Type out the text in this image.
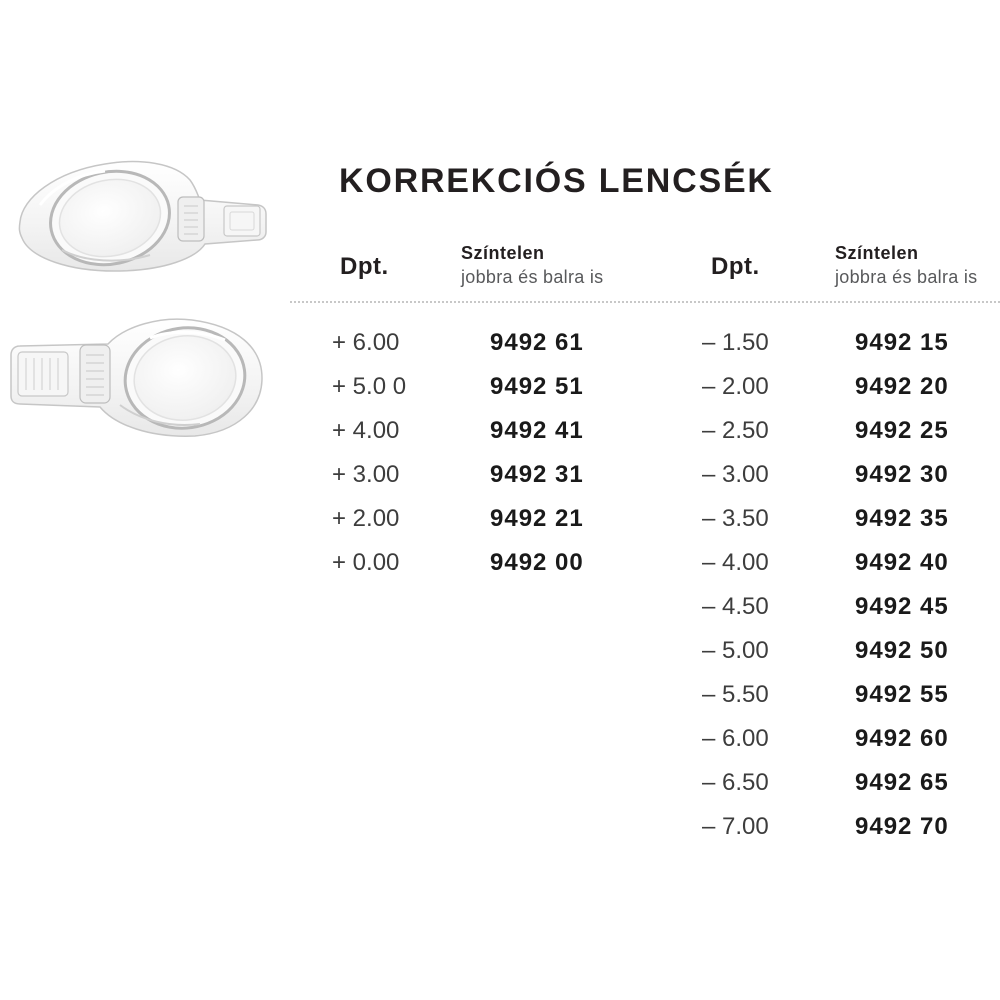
KORREKCIÓS LENCSÉK
Dpt.	Színtelen
jobbra és balra is
+ 6.00	9492 61
+ 5.0 0	9492 51
+ 4.00	9492 41
+ 3.00	9492 31
+ 2.00	9492 21
+ 0.00	9492 00
Dpt.	Színtelen
jobbra és balra is
– 1.50	9492 15
– 2.00	9492 20
– 2.50	9492 25
– 3.00	9492 30
– 3.50	9492 35
– 4.00	9492 40
– 4.50	9492 45
– 5.00	9492 50
– 5.50	9492 55
– 6.00	9492 60
– 6.50	9492 65
– 7.00	9492 70
